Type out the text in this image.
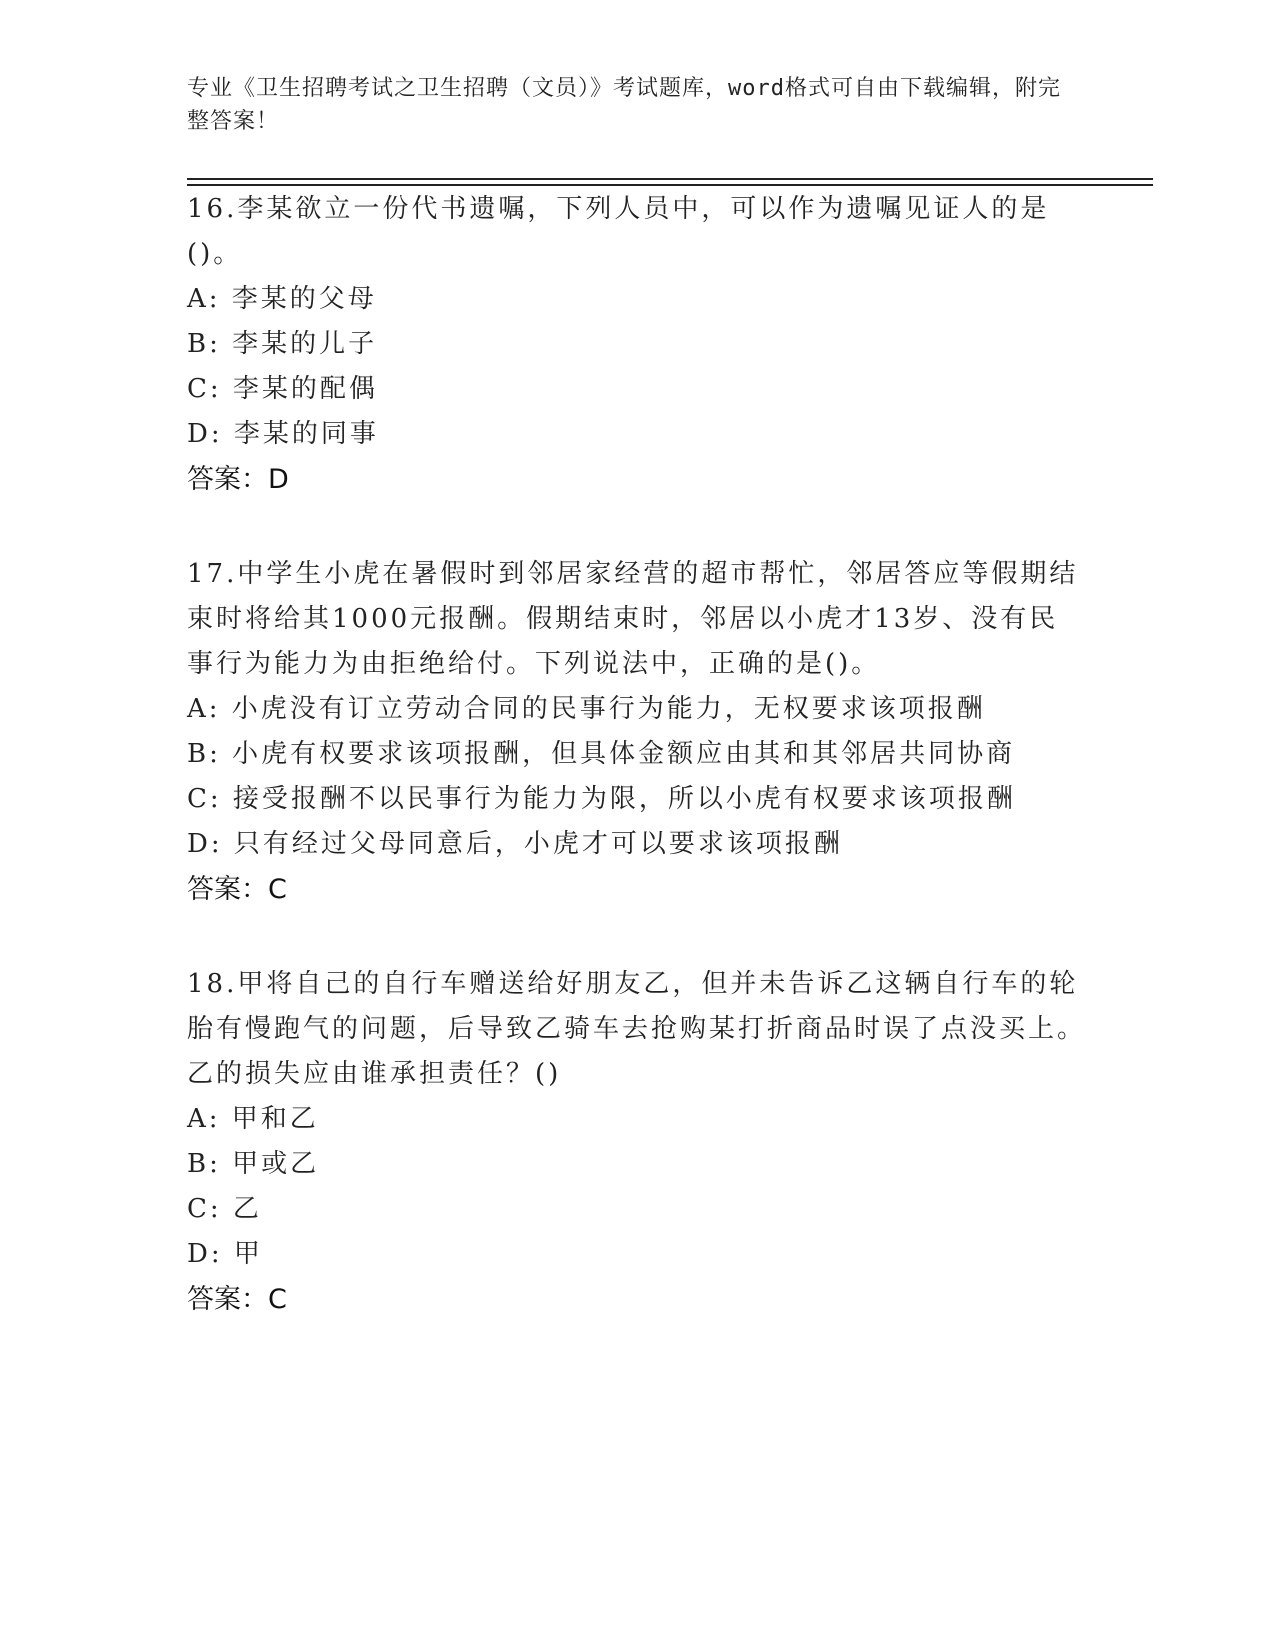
专业《卫生招聘考试之卫生招聘（文员）》考试题库，word格式可自由下载编辑，附完整答案！

16.李某欲立一份代书遗嘱，下列人员中，可以作为遗嘱见证人的是()。

A: 李某的父母

B: 李某的儿子

C: 李某的配偶

D: 李某的同事

答案：D

17.中学生小虎在暑假时到邻居家经营的超市帮忙，邻居答应等假期结束时将给其1000元报酬。假期结束时，邻居以小虎才13岁、没有民事行为能力为由拒绝给付。下列说法中，正确的是()。

A: 小虎没有订立劳动合同的民事行为能力，无权要求该项报酬

B: 小虎有权要求该项报酬，但具体金额应由其和其邻居共同协商

C: 接受报酬不以民事行为能力为限，所以小虎有权要求该项报酬

D: 只有经过父母同意后，小虎才可以要求该项报酬

答案：C

18.甲将自己的自行车赠送给好朋友乙，但并未告诉乙这辆自行车的轮胎有慢跑气的问题，后导致乙骑车去抢购某打折商品时误了点没买上。乙的损失应由谁承担责任？()

A: 甲和乙

B: 甲或乙

C: 乙

D: 甲

答案：C
